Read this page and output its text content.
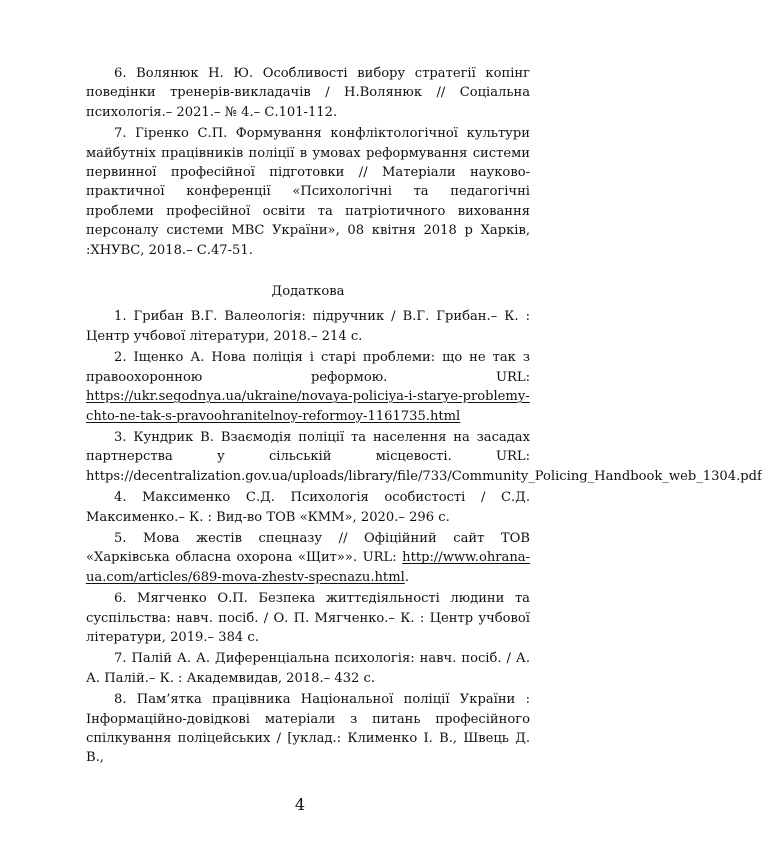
6. Волянюк Н. Ю. Особливості вибору стратегії копінг поведінки тренерів-викладачів / Н.Волянюк // Соціальна психологія.– 2021.– № 4.– С.101-112.

7. Гіренко С.П. Формування конфліктологічної культури майбутніх працівників поліції в умовах реформування системи первинної професійної підготовки // Матеріали науково-практичної конференції «Психологічні та педагогічні проблеми професійної освіти та патріотичного виховання персоналу системи МВС України», 08 квітня 2018 р Харків, :ХНУВС, 2018.– С.47-51.

Додаткова

1. Грибан В.Г. Валеологія: підручник / В.Г. Грибан.– К. : Центр учбової літератури, 2018.– 214 с.

2. Іщенко А. Нова поліція і старі проблеми: що не так з правоохоронною реформою. URL: https://ukr.segodnya.ua/ukraine/novaya-policiya-i-starye-problemy-chto-ne-tak-s-pravoohranitelnoy-reformoy-1161735.html

3. Кундрик В. Взаємодія поліції та населення на засадах партнерства у сільській місцевості. URL: https://decentralization.gov.ua/uploads/library/file/733/Community_Policing_Handbook_web_1304.pdf

4. Максименко С.Д. Психологія особистості / С.Д. Максименко.– К. : Вид-во ТОВ «КММ», 2020.– 296 с.

5. Мова жестів спецназу // Офіційний сайт ТОВ «Харківська обласна охорона «Щит»». URL: http://www.ohrana-ua.com/articles/689-mova-zhestv-specnazu.html.

6. Мягченко О.П. Безпека життєдіяльності людини та суспільства: навч. посіб. / О. П. Мягченко.– К. : Центр учбової літератури, 2019.– 384 с.

7. Палій А. А. Диференціальна психологія: навч. посіб. / А. А. Палій.– К. : Академвидав, 2018.– 432 с.

8. Пам’ятка працівника Національної поліції України : Інформаційно-довідкові матеріали з питань професійного спілкування поліцейських / [уклад.: Клименко І. В., Швець Д. В.,

4
